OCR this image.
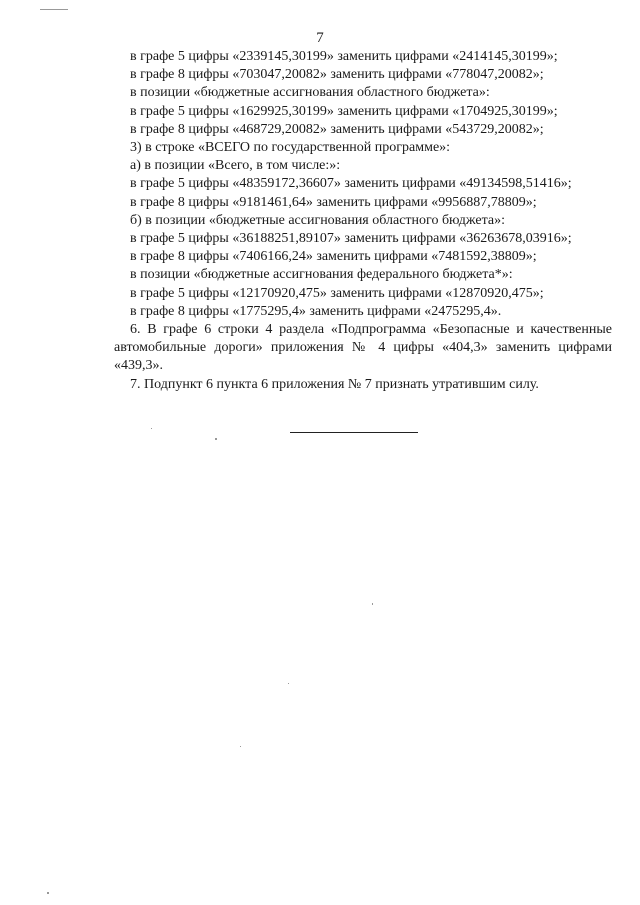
7

в графе 5 цифры «2339145,30199» заменить цифрами «2414145,30199»;

в графе 8 цифры «703047,20082» заменить цифрами «778047,20082»;

в позиции «бюджетные ассигнования областного бюджета»:

в графе 5 цифры «1629925,30199» заменить цифрами «1704925,30199»;

в графе 8 цифры «468729,20082» заменить цифрами «543729,20082»;

3) в строке «ВСЕГО по государственной программе»:

а) в позиции «Всего, в том числе:»:

в графе 5 цифры «48359172,36607» заменить цифрами «49134598,51416»;

в графе 8 цифры «9181461,64» заменить цифрами «9956887,78809»;

б) в позиции «бюджетные ассигнования областного бюджета»:

в графе 5 цифры «36188251,89107» заменить цифрами «36263678,03916»;

в графе 8 цифры «7406166,24» заменить цифрами «7481592,38809»;

в позиции «бюджетные ассигнования федерального бюджета*»:

в графе 5 цифры «12170920,475» заменить цифрами «12870920,475»;

в графе 8 цифры «1775295,4» заменить цифрами «2475295,4».

6. В графе 6 строки 4 раздела «Подпрограмма «Безопасные и качественные автомобильные дороги» приложения № 4 цифры «404,3» заменить цифрами «439,3».

7. Подпункт 6 пункта 6 приложения № 7 признать утратившим силу.
